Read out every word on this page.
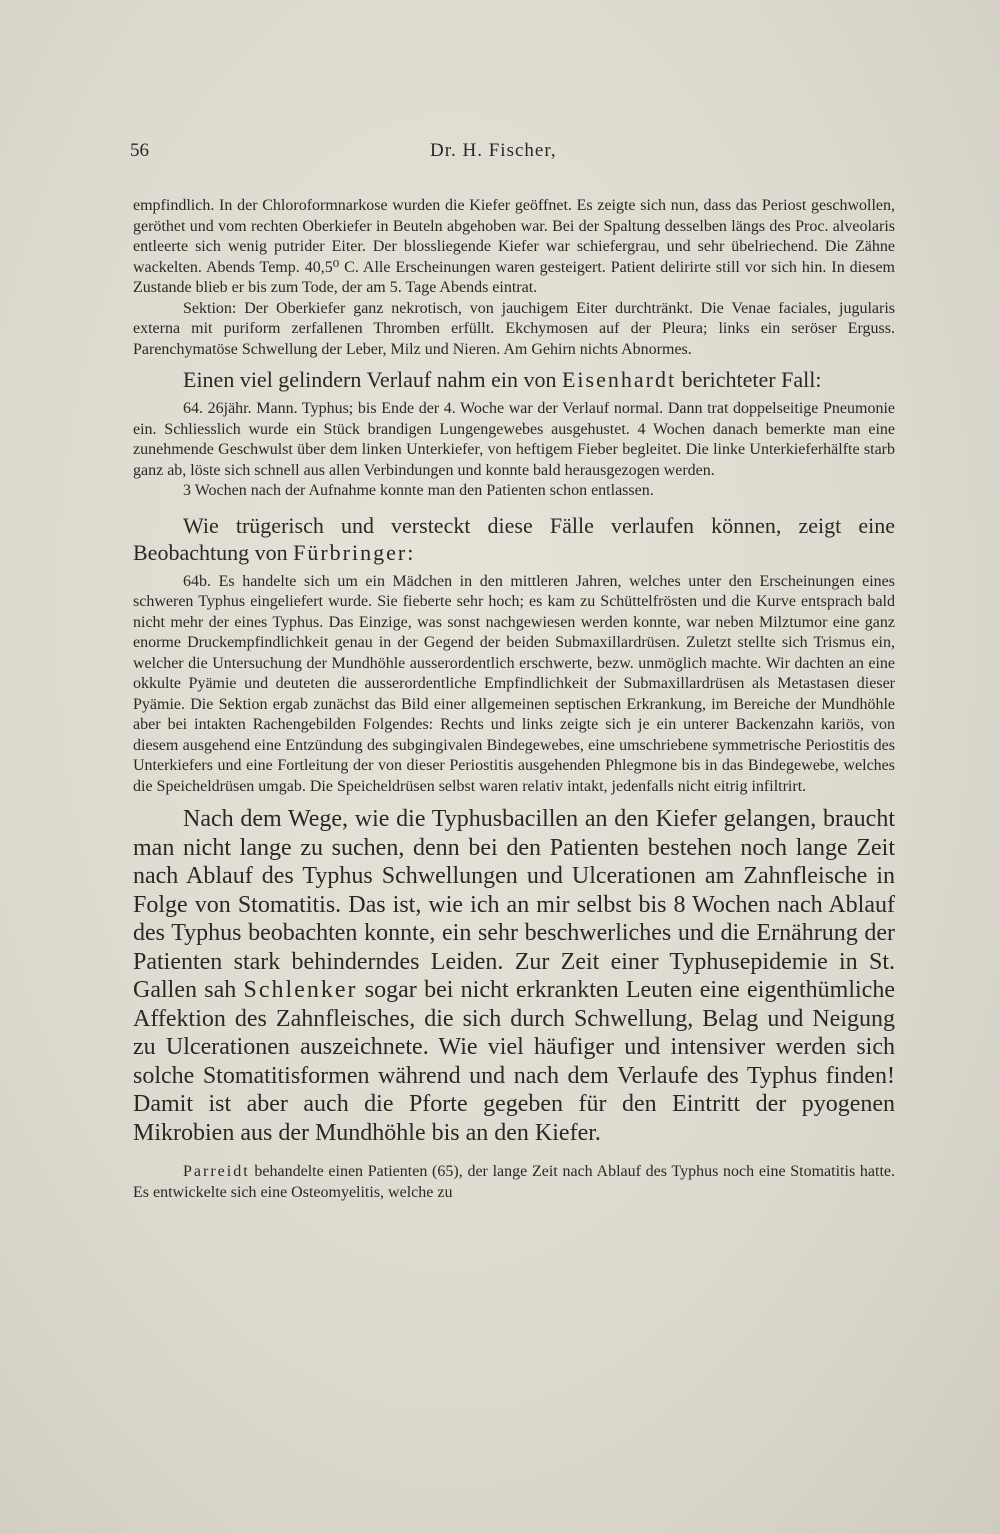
56	Dr. H. Fischer,

empfindlich. In der Chloroformnarkose wurden die Kiefer geöffnet. Es zeigte sich nun, dass das Periost geschwollen, geröthet und vom rechten Oberkiefer in Beuteln abgehoben war. Bei der Spaltung desselben längs des Proc. alveolaris entleerte sich wenig putrider Eiter. Der blossliegende Kiefer war schiefergrau, und sehr übelriechend. Die Zähne wackelten. Abends Temp. 40,5⁰ C. Alle Erscheinungen waren gesteigert. Patient delirirte still vor sich hin. In diesem Zustande blieb er bis zum Tode, der am 5. Tage Abends eintrat.

Sektion: Der Oberkiefer ganz nekrotisch, von jauchigem Eiter durchtränkt. Die Venae faciales, jugularis externa mit puriform zerfallenen Thromben erfüllt. Ekchymosen auf der Pleura; links ein seröser Erguss. Parenchymatöse Schwellung der Leber, Milz und Nieren. Am Gehirn nichts Abnormes.

Einen viel gelindern Verlauf nahm ein von Eisenhardt berichteter Fall:

64. 26jähr. Mann. Typhus; bis Ende der 4. Woche war der Verlauf normal. Dann trat doppelseitige Pneumonie ein. Schliesslich wurde ein Stück brandigen Lungengewebes ausgehustet. 4 Wochen danach bemerkte man eine zunehmende Geschwulst über dem linken Unterkiefer, von heftigem Fieber begleitet. Die linke Unterkieferhälfte starb ganz ab, löste sich schnell aus allen Verbindungen und konnte bald herausgezogen werden.

3 Wochen nach der Aufnahme konnte man den Patienten schon entlassen.

Wie trügerisch und versteckt diese Fälle verlaufen können, zeigt eine Beobachtung von Fürbringer:

64b. Es handelte sich um ein Mädchen in den mittleren Jahren, welches unter den Erscheinungen eines schweren Typhus eingeliefert wurde. Sie fieberte sehr hoch; es kam zu Schüttelfrösten und die Kurve entsprach bald nicht mehr der eines Typhus. Das Einzige, was sonst nachgewiesen werden konnte, war neben Milztumor eine ganz enorme Druckempfindlichkeit genau in der Gegend der beiden Submaxillardrüsen. Zuletzt stellte sich Trismus ein, welcher die Untersuchung der Mundhöhle ausserordentlich erschwerte, bezw. unmöglich machte. Wir dachten an eine okkulte Pyämie und deuteten die ausserordentliche Empfindlichkeit der Submaxillardrüsen als Metastasen dieser Pyämie. Die Sektion ergab zunächst das Bild einer allgemeinen septischen Erkrankung, im Bereiche der Mundhöhle aber bei intakten Rachengebilden Folgendes: Rechts und links zeigte sich je ein unterer Backenzahn kariös, von diesem ausgehend eine Entzündung des subgingivalen Bindegewebes, eine umschriebene symmetrische Periostitis des Unterkiefers und eine Fortleitung der von dieser Periostitis ausgehenden Phlegmone bis in das Bindegewebe, welches die Speicheldrüsen umgab. Die Speicheldrüsen selbst waren relativ intakt, jedenfalls nicht eitrig infiltrirt.

Nach dem Wege, wie die Typhusbacillen an den Kiefer gelangen, braucht man nicht lange zu suchen, denn bei den Patienten bestehen noch lange Zeit nach Ablauf des Typhus Schwellungen und Ulcerationen am Zahnfleische in Folge von Stomatitis. Das ist, wie ich an mir selbst bis 8 Wochen nach Ablauf des Typhus beobachten konnte, ein sehr beschwerliches und die Ernährung der Patienten stark behinderndes Leiden. Zur Zeit einer Typhusepidemie in St. Gallen sah Schlenker sogar bei nicht erkrankten Leuten eine eigenthümliche Affektion des Zahnfleisches, die sich durch Schwellung, Belag und Neigung zu Ulcerationen auszeichnete. Wie viel häufiger und intensiver werden sich solche Stomatitisformen während und nach dem Verlaufe des Typhus finden! Damit ist aber auch die Pforte gegeben für den Eintritt der pyogenen Mikrobien aus der Mundhöhle bis an den Kiefer.

Parreidt behandelte einen Patienten (65), der lange Zeit nach Ablauf des Typhus noch eine Stomatitis hatte. Es entwickelte sich eine Osteomyelitis, welche zu
